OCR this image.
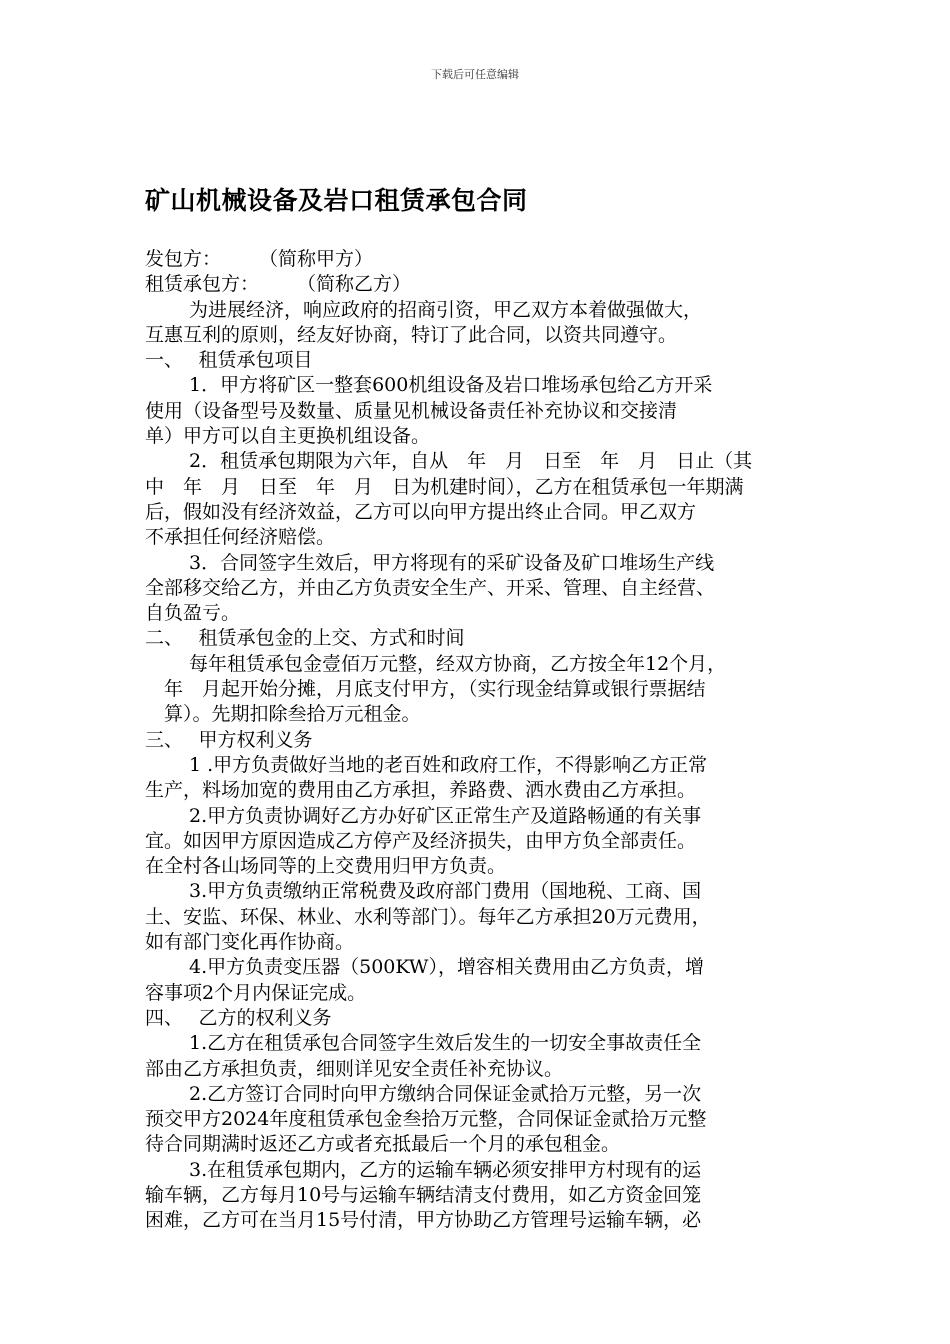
下载后可任意编辑
矿山机械设备及岩口租赁承包合同
发包方：　　　（简称甲方）
租赁承包方：　　　（简称乙方）
为进展经济，响应政府的招商引资，甲乙双方本着做强做大，
互惠互利的原则，经友好协商，特订了此合同，以资共同遵守。
一、　 租赁承包项目
1．甲方将矿区一整套600机组设备及岩口堆场承包给乙方开采
使用（设备型号及数量、质量见机械设备责任补充协议和交接清
单）甲方可以自主更换机组设备。
2．租赁承包期限为六年，自从　年　月　日至　年　月　日止（其
中　年　月　日至　年　月　日为机建时间），乙方在租赁承包一年期满
后，假如没有经济效益，乙方可以向甲方提出终止合同。甲乙双方
不承担任何经济赔偿。
3．合同签字生效后，甲方将现有的采矿设备及矿口堆场生产线
全部移交给乙方，并由乙方负责安全生产、开采、管理、自主经营、
自负盈亏。
二、　 租赁承包金的上交、方式和时间
每年租赁承包金壹佰万元整，经双方协商，乙方按全年12个月，
　年　月起开始分摊，月底支付甲方，（实行现金结算或银行票据结
　算）。先期扣除叁拾万元租金。
三、　 甲方权利义务
1 .甲方负责做好当地的老百姓和政府工作，不得影响乙方正常
生产，料场加宽的费用由乙方承担，养路费、洒水费由乙方承担。
2.甲方负责协调好乙方办好矿区正常生产及道路畅通的有关事
宜。如因甲方原因造成乙方停产及经济损失，由甲方负全部责任。
在全村各山场同等的上交费用归甲方负责。
3.甲方负责缴纳正常税费及政府部门费用（国地税、工商、国
土、安监、环保、林业、水利等部门）。每年乙方承担20万元费用，
如有部门变化再作协商。
4.甲方负责变压器（500KW），增容相关费用由乙方负责，增
容事项2个月内保证完成。
四、　 乙方的权利义务
1.乙方在租赁承包合同签字生效后发生的一切安全事故责任全
部由乙方承担负责，细则详见安全责任补充协议。
2.乙方签订合同时向甲方缴纳合同保证金贰拾万元整，另一次
预交甲方2024年度租赁承包金叁拾万元整，合同保证金贰拾万元整
待合同期满时返还乙方或者充抵最后一个月的承包租金。
3.在租赁承包期内，乙方的运输车辆必须安排甲方村现有的运
输车辆，乙方每月10号与运输车辆结清支付费用，如乙方资金回笼
困难，乙方可在当月15号付清，甲方协助乙方管理号运输车辆，必
